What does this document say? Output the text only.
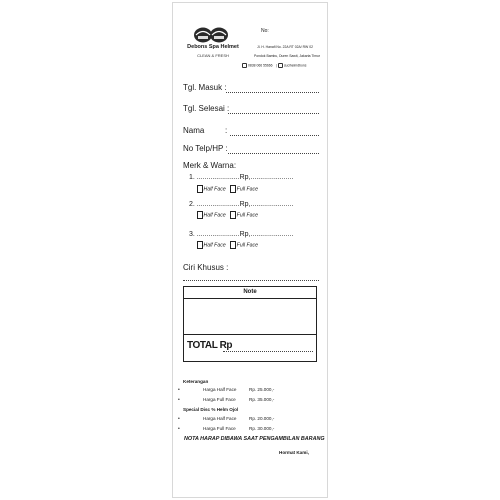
Debons Spa Helmet
CLEAN & FRESH
No:
Jl. H. Hanafi No. 22A RT 02A/ RW 02
Pondok Bambu, Duren Sawit, Jakarta Timur
0838 066 55666 | cucihelmdbons
Tgl. Masuk :
Tgl. Selesai :
Nama	:
No Telp/HP :
Merk & Warna:
1. ......................Rp,......................
Half Face Full Face
2. ......................Rp,......................
Half Face Full Face
3. ......................Rp,......................
Half Face Full Face
Ciri Khusus :
Note
TOTAL Rp
Keterangan
•	Harga Half Face	Rp. 25.000,-
•	Harga Full Face	Rp. 35.000,-
Special Disc % Helm Ojol
•	Harga Half Face	Rp. 20.000,-
•	Harga Full Face	Rp. 30.000,-
NOTA HARAP DIBAWA SAAT PENGAMBILAN BARANG
Hormat Kami,
